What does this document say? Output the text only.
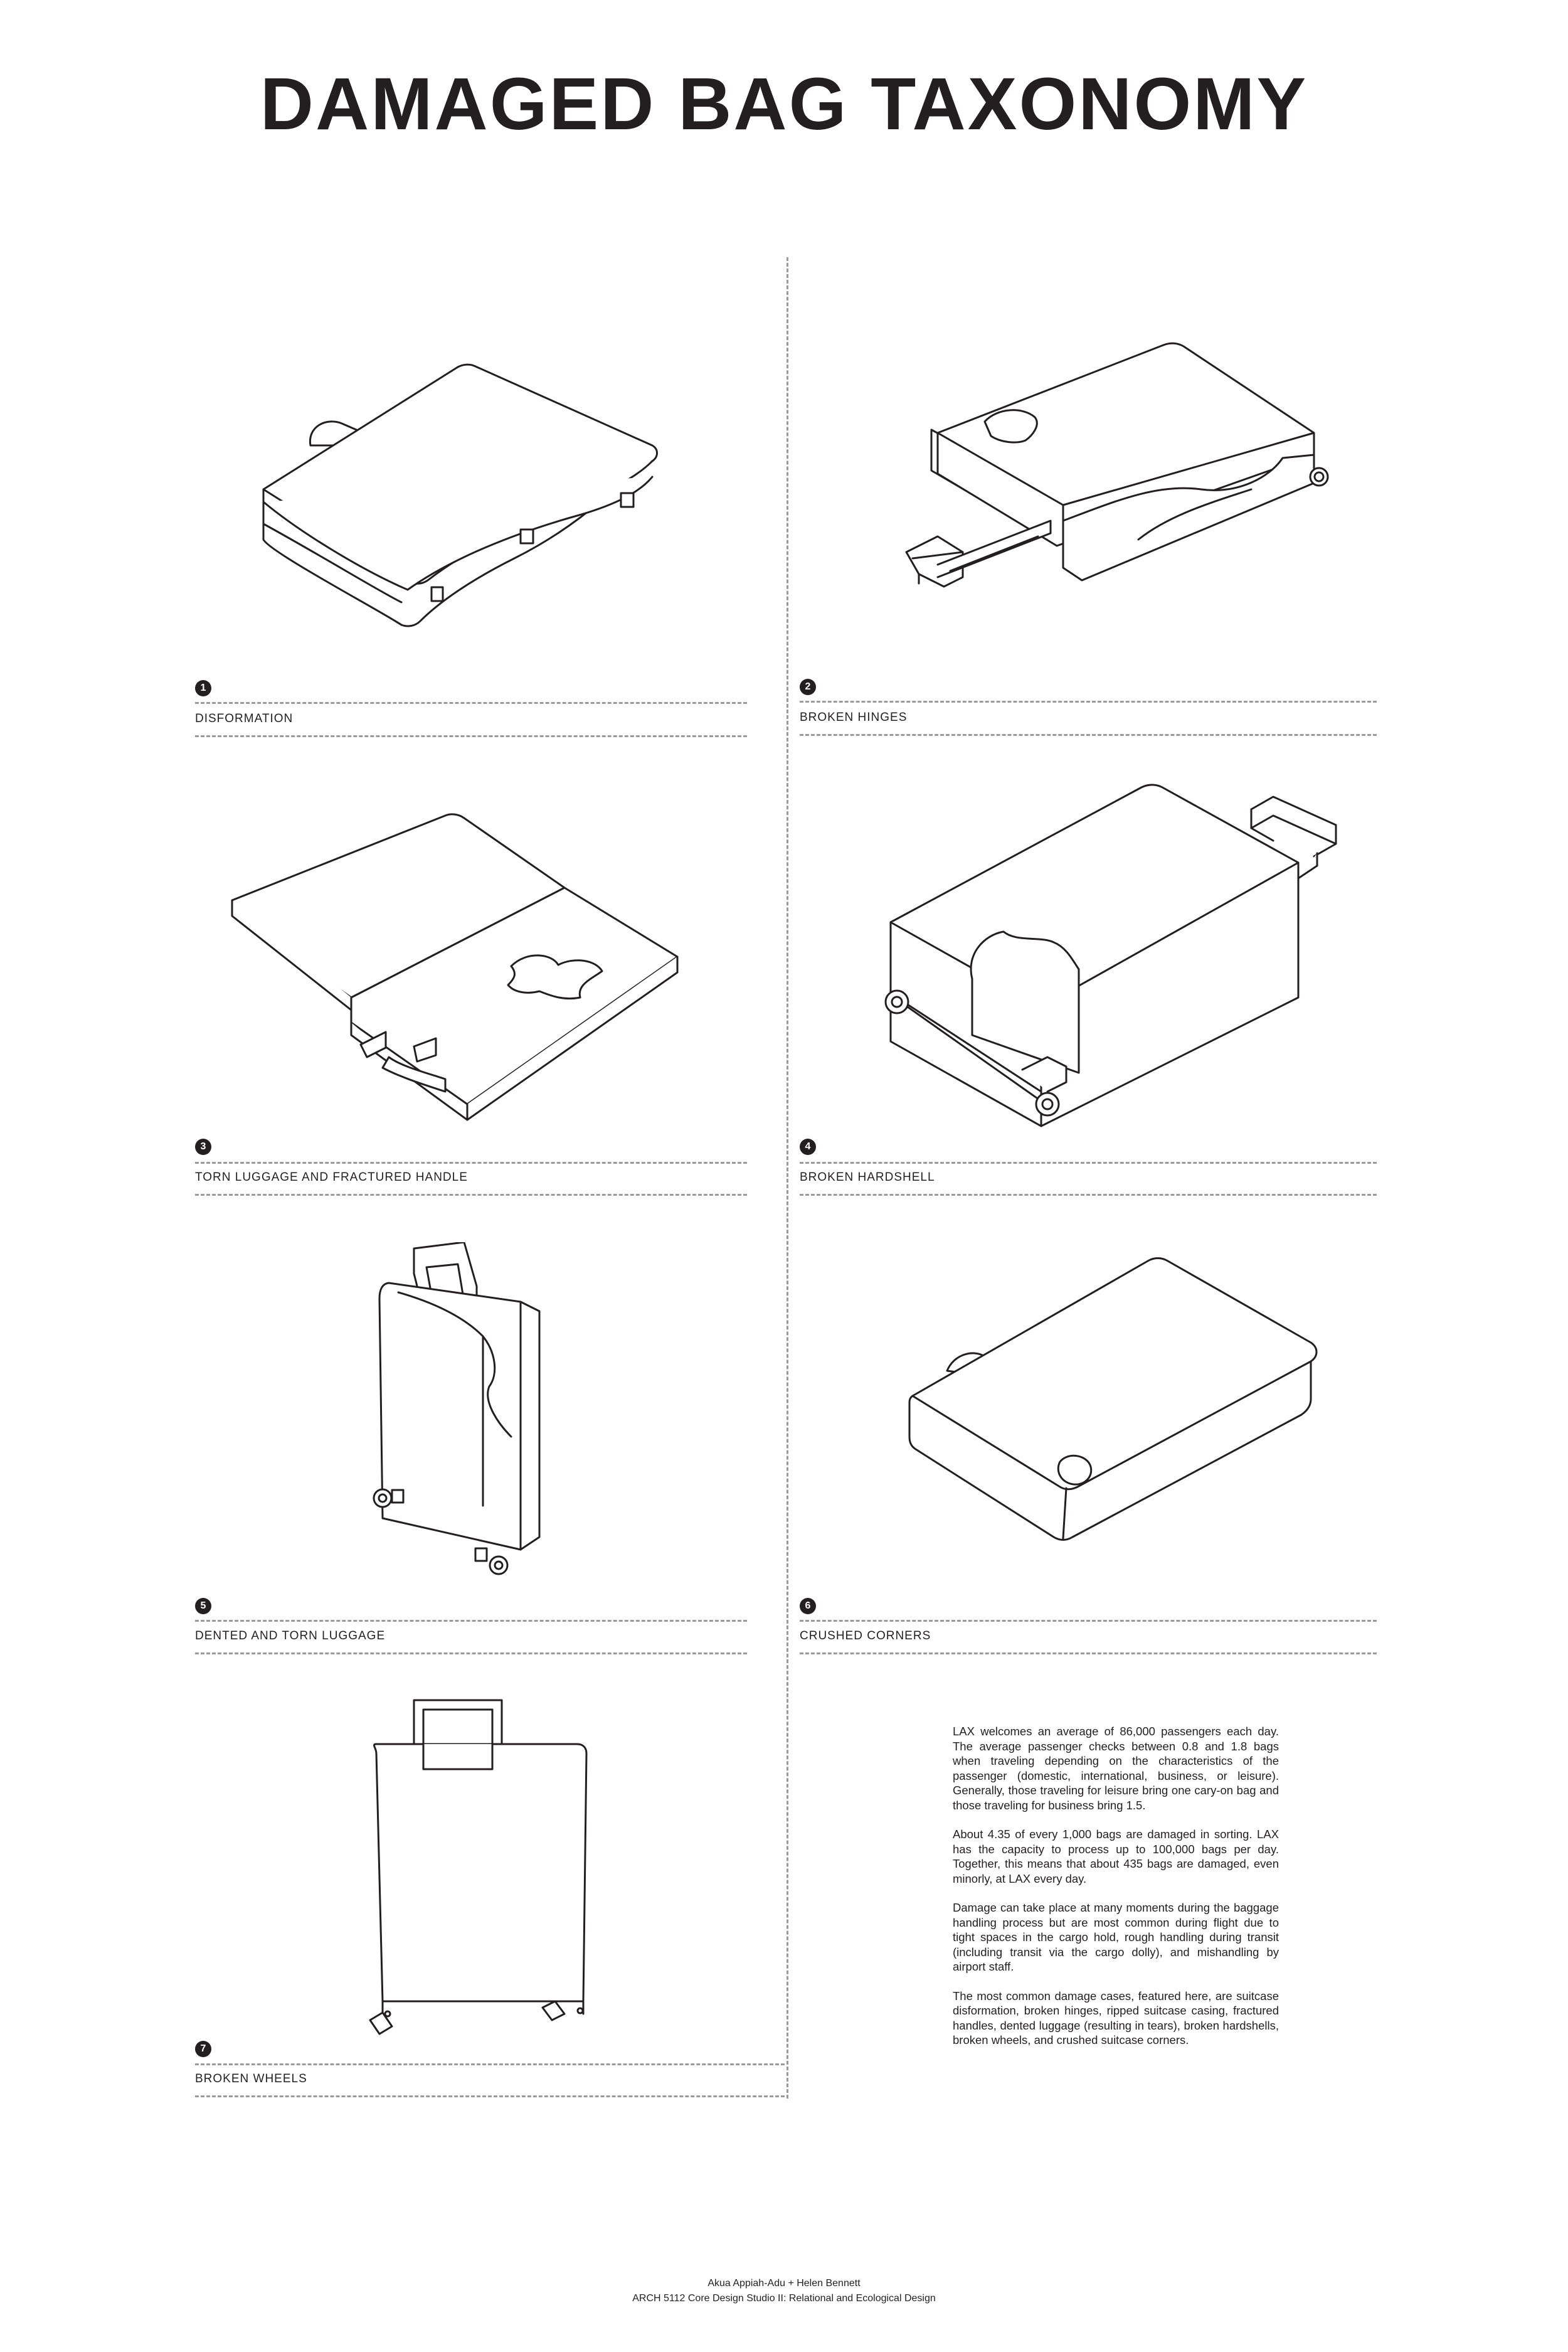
DAMAGED BAG TAXONOMY
1
DISFORMATION
2
BROKEN HINGES
3
TORN LUGGAGE AND FRACTURED HANDLE
4
BROKEN HARDSHELL
5
DENTED AND TORN LUGGAGE
6
CRUSHED CORNERS
7
BROKEN WHEELS

LAX welcomes an average of 86,000 passengers each day. The average passenger checks between 0.8 and 1.8 bags when traveling depending on the characteristics of the passenger (domestic, international, business, or leisure). Generally, those traveling for leisure bring one cary-on bag and those traveling for business bring 1.5.

About 4.35 of every 1,000 bags are damaged in sorting. LAX has the capacity to process up to 100,000 bags per day. Together, this means that about 435 bags are damaged, even minorly, at LAX every day.

Damage can take place at many moments during the baggage handling process but are most common during flight due to tight spaces in the cargo hold, rough handling during transit (including transit via the cargo dolly), and mishandling by airport staff.

The most common damage cases, featured here, are suitcase disformation, broken hinges, ripped suitcase casing, fractured handles, dented luggage (resulting in tears), broken hardshells, broken wheels, and crushed suitcase corners.

Akua Appiah-Adu + Helen Bennett
ARCH 5112 Core Design Studio II: Relational and Ecological Design
